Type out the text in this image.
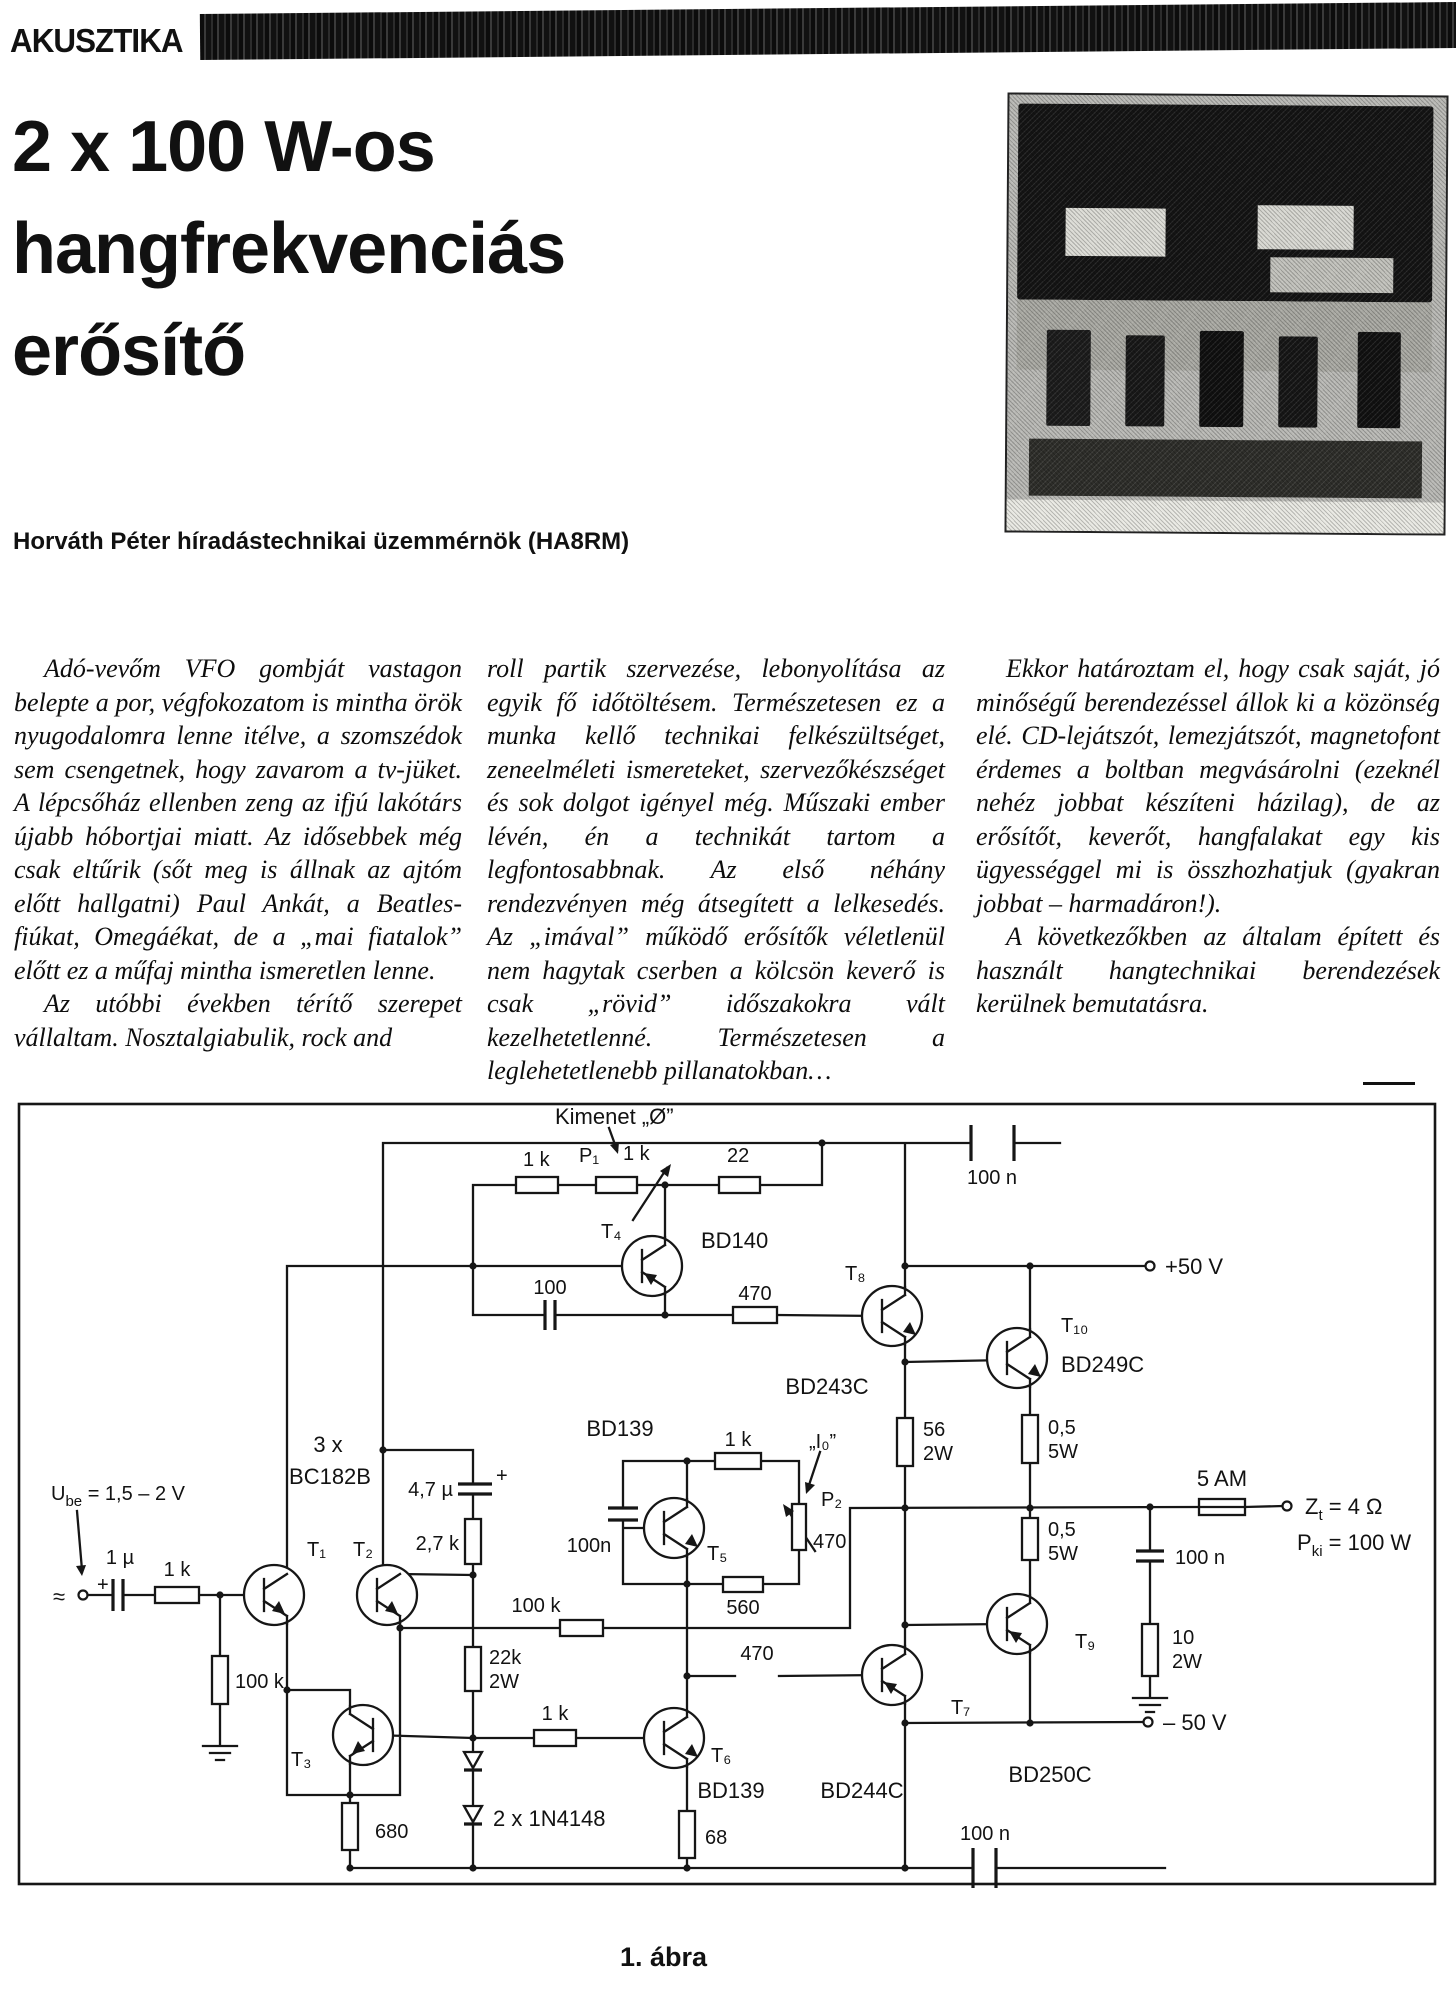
AKUSZTIKA
2 x 100 W-os
hangfrekvenciás
erősítő
Horváth Péter híradástechnikai üzemmérnök (HA8RM)

Adó-vevőm VFO gombját vastagon belepte a por, végfokozatom is mintha örök nyugodalomra lenne itélve, a szomszédok sem csengetnek, hogy zavarom a tv-jüket. A lépcsőház ellenben zeng az ifjú lakótárs újabb hóbortjai miatt. Az idősebbek még csak eltűrik (sőt meg is állnak az ajtóm előtt hallgatni) Paul Ankát, a Beatles-fiúkat, Omegáékat, de a „mai fiatalok” előtt ez a műfaj mintha ismeretlen lenne.

Az utóbbi években térítő szerepet vállaltam. Nosztalgiabulik, rock and

roll partik szervezése, lebonyolítása az egyik fő időtöltésem. Természetesen ez a munka kellő technikai felkészültséget, zeneelméleti ismereteket, szervezőkészséget és sok dolgot igényel még. Műszaki ember lévén, én a technikát tartom a legfontosabbnak. Az első néhány rendezvényen még átsegített a lelkesedés. Az „imával” működő erősítők véletlenül nem hagytak cserben a kölcsön keverő is csak „rövid” időszakokra vált kezelhetetlenné. Természetesen a leglehetetlenebb pillanatokban…

Ekkor határoztam el, hogy csak saját, jó minőségű berendezéssel állok ki a közönség elé. CD-lejátszót, lemezjátszót, magnetofont érdemes a boltban megvásárolni (ezeknél nehéz jobbat készíteni házilag), de az erősítőt, keverőt, hangfalakat egy kis ügyességgel mi is összhozhatjuk (gyakran jobbat – harmadáron!).

A következőkben az általam épített és használt hangtechnikai berendezések kerülnek bemutatásra.

Kimenet „Ø”
1 k P₁ 1 k	22
100 n
T₄	BD140
100	470
T₈
BD243C
T₁₀
BD249C
+50 V
56
2W
0,5
5W
0,5
5W
5 AM
$Z_t = 4$ Ω
$P_{ki} = 100$ W
100 n
10
2W
T₉
BD250C
– 50 V
T₇
BD244C
470
T₆
BD139
68
1 k
2 x 1N4148
680
T₃
22k
2W
100 k
3 x
BC182B
T₁ T₂
1 k
1 µ
+
$U_{be} = 1,5 - 2$ V
≈
100 k
4,7 µ
+
2,7 k
BD139
T₅
100n
1 k	„I₀”
P₂
470
560
100 n
1. ábra
